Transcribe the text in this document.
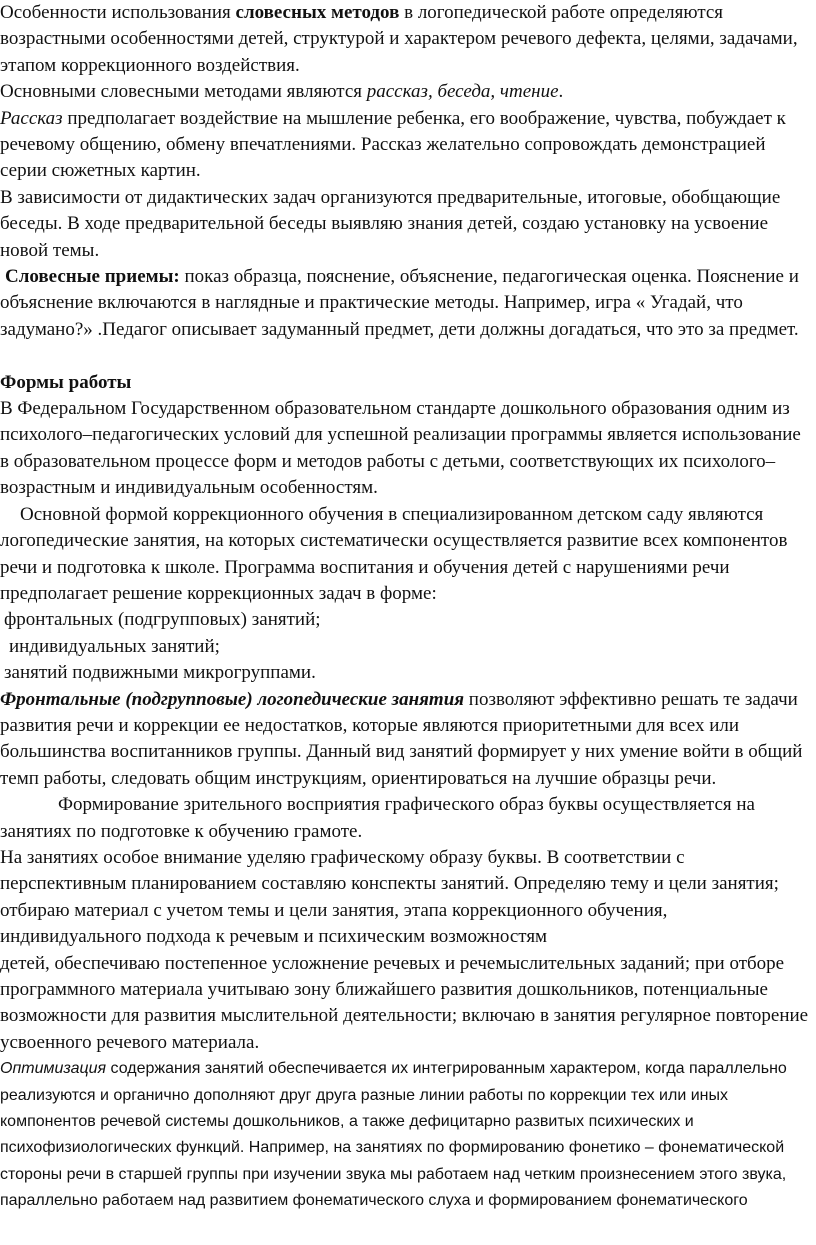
Особенности использования словесных методов в логопедической работе определяются возрастными особенностями детей, структурой и характером речевого дефекта, целями, задачами, этапом коррекционного воздействия.

Основными словесными методами являются рассказ, беседа, чтение.

Рассказ предполагает воздействие на мышление ребенка, его воображение, чувства, побуждает к речевому общению, обмену впечатлениями. Рассказ желательно сопровождать демонстрацией серии сюжетных картин.

В зависимости от дидактических задач организуются предварительные, итоговые, обобщающие беседы. В ходе предварительной беседы выявляю знания детей, создаю установку на усвоение новой темы.

Словесные приемы: показ образца, пояснение, объяснение, педагогическая оценка. Пояснение и объяснение включаются в наглядные и практические методы. Например, игра « Угадай, что задумано?» .Педагог описывает задуманный предмет, дети должны догадаться, что это за предмет.

Формы работы

В Федеральном Государственном образовательном стандарте дошкольного образования одним из психолого–педагогических условий для успешной реализации программы является использование в образовательном процессе форм и методов работы с детьми, соответствующих их психолого–возрастным и индивидуальным особенностям.

Основной формой коррекционного обучения в специализированном детском саду являются логопедические занятия, на которых систематически осуществляется развитие всех компонентов речи и подготовка к школе. Программа воспитания и обучения детей с нарушениями речи предполагает решение коррекционных задач в форме:

фронтальных (подгрупповых) занятий;

индивидуальных занятий;

занятий подвижными микрогруппами.

Фронтальные (подгрупповые) логопедические занятия позволяют эффективно решать те задачи развития речи и коррекции ее недостатков, которые являются приоритетными для всех или большинства воспитанников группы. Данный вид занятий формирует у них умение войти в общий темп работы, следовать общим инструкциям, ориентироваться на лучшие образцы речи.

Формирование зрительного восприятия графического образ буквы осуществляется на занятиях по подготовке к обучению грамоте.

На занятиях особое внимание уделяю графическому образу буквы. В соответствии с перспективным планированием составляю конспекты занятий. Определяю тему и цели занятия; отбираю материал с учетом темы и цели занятия, этапа коррекционного обучения, индивидуального подхода к речевым и психическим возможностям

детей, обеспечиваю постепенное усложнение речевых и речемыслительных заданий; при отборе программного материала учитываю зону ближайшего развития дошкольников, потенциальные возможности для развития мыслительной деятельности; включаю в занятия регулярное повторение усвоенного речевого материала.

Оптимизация содержания занятий обеспечивается их интегрированным характером, когда параллельно реализуются и органично дополняют друг друга разные линии работы по коррекции тех или иных компонентов речевой системы дошкольников, а также дефицитарно развитых психических и психофизиологических функций. Например, на занятиях по формированию фонетико – фонематической стороны речи в старшей группы при изучении звука мы работаем над четким произнесением этого звука, параллельно работаем над развитием фонематического слуха и формированием фонематического
